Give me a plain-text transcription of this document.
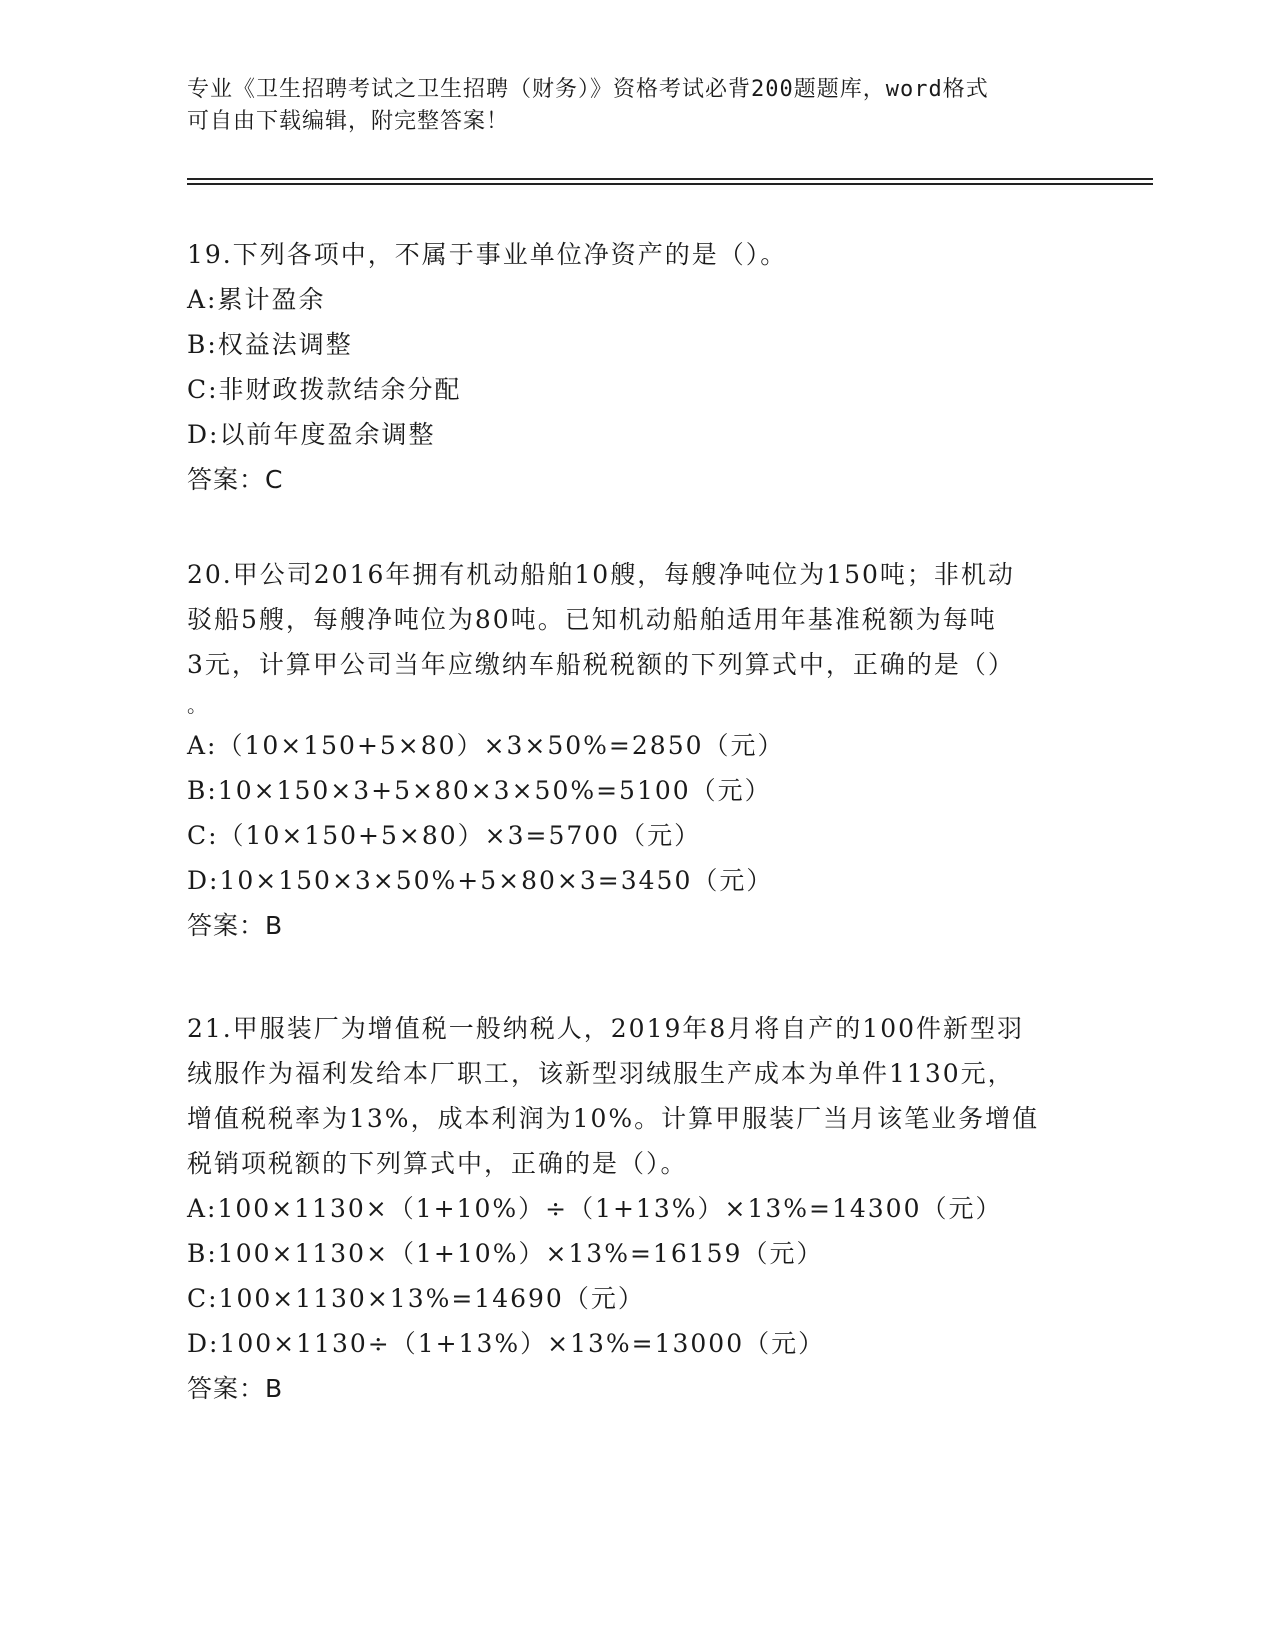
专业《卫生招聘考试之卫生招聘（财务）》资格考试必背200题题库，word格式
可自由下载编辑，附完整答案！
19.下列各项中，不属于事业单位净资产的是（）。
A:累计盈余
B:权益法调整
C:非财政拨款结余分配
D:以前年度盈余调整
答案：C
20.甲公司2016年拥有机动船舶10艘，每艘净吨位为150吨；非机动
驳船5艘，每艘净吨位为80吨。已知机动船舶适用年基准税额为每吨
3元，计算甲公司当年应缴纳车船税税额的下列算式中，正确的是（）
。
A:（10×150+5×80）×3×50%=2850（元）
B:10×150×3+5×80×3×50%=5100（元）
C:（10×150+5×80）×3=5700（元）
D:10×150×3×50%+5×80×3=3450（元）
答案：B
21.甲服装厂为增值税一般纳税人，2019年8月将自产的100件新型羽
绒服作为福利发给本厂职工，该新型羽绒服生产成本为单件1130元，
增值税税率为13%，成本利润为10%。计算甲服装厂当月该笔业务增值
税销项税额的下列算式中，正确的是（）。
A:100×1130×（1+10%）÷（1+13%）×13%=14300（元）
B:100×1130×（1+10%）×13%=16159（元）
C:100×1130×13%=14690（元）
D:100×1130÷（1+13%）×13%=13000（元）
答案：B
